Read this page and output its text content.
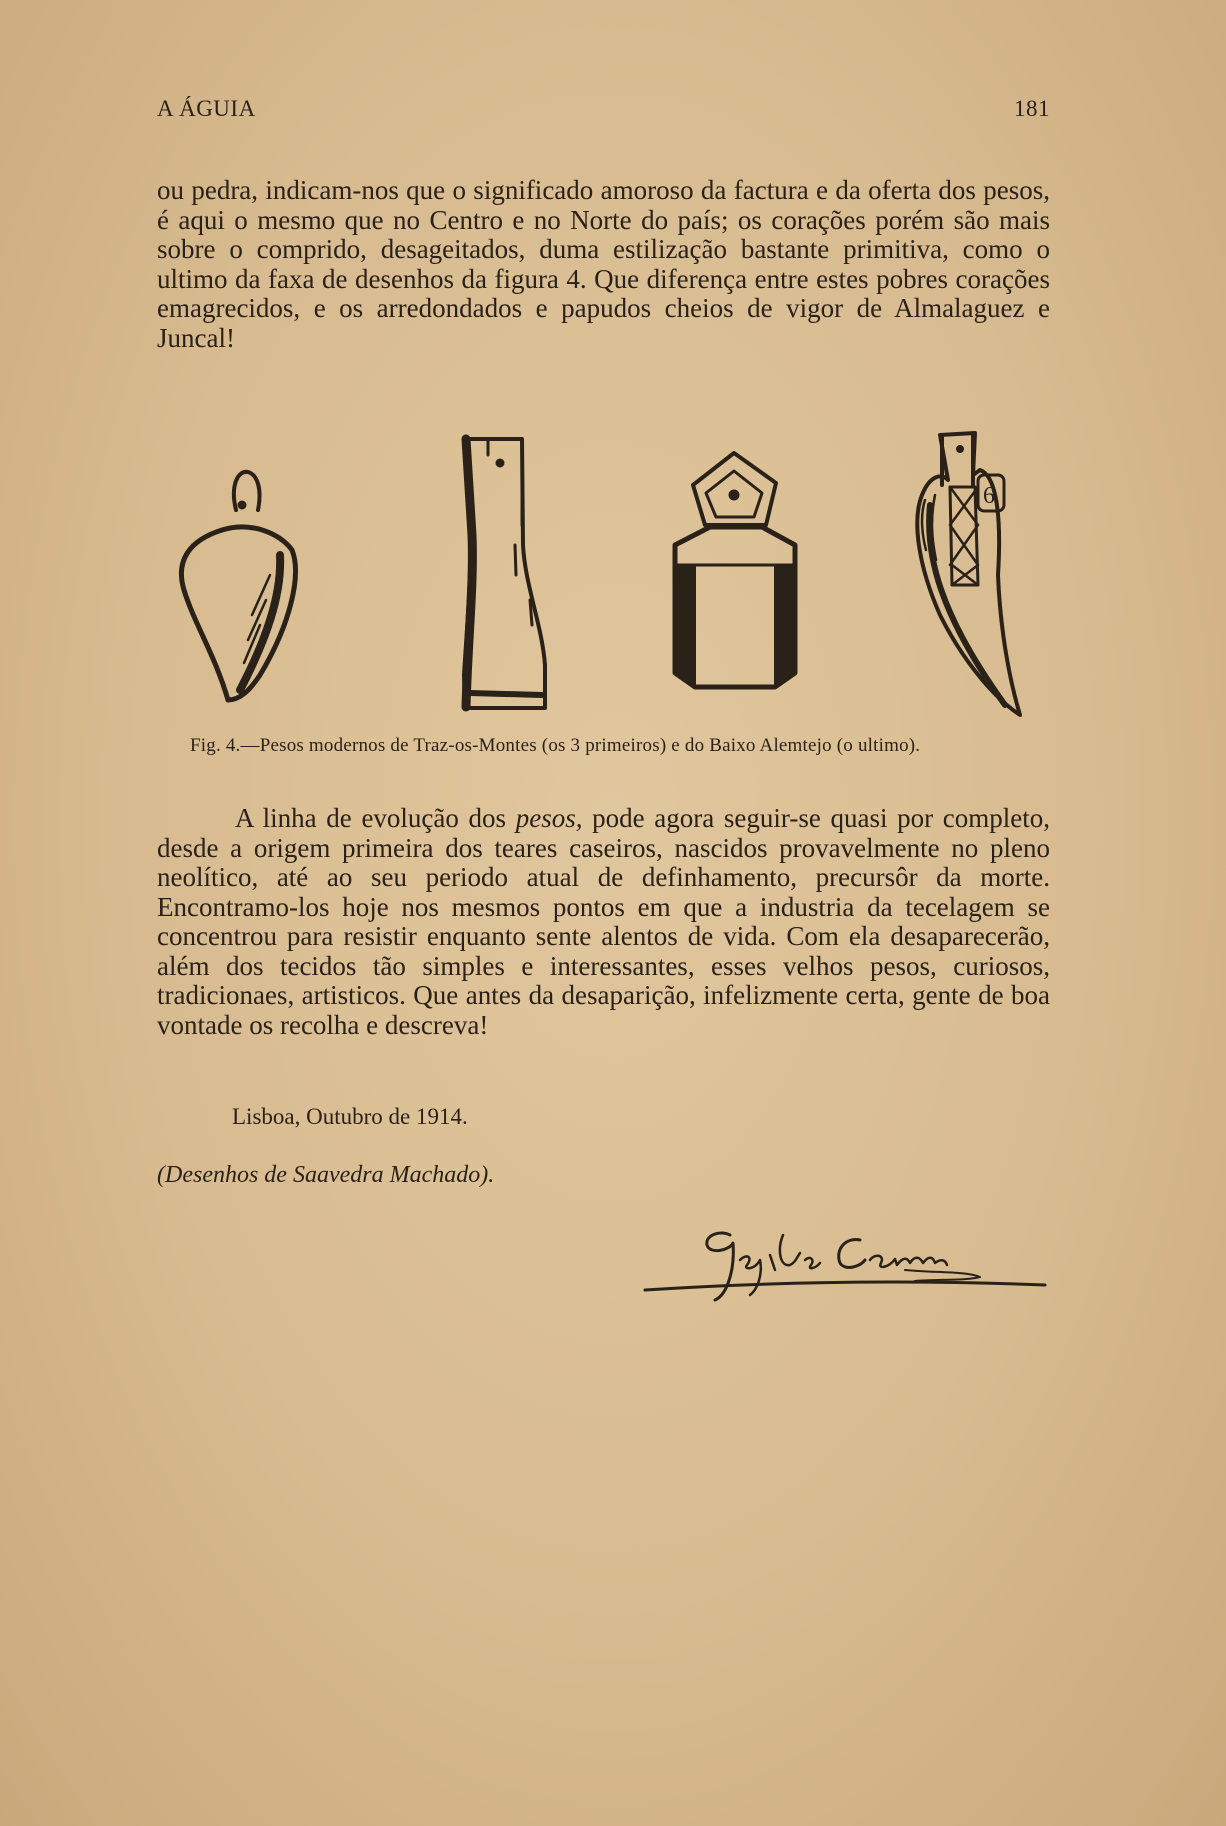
A ÁGUIA	181

ou pedra, indicam-nos que o significado amoroso da factura e da oferta dos pesos, é aqui o mesmo que no Centro e no Norte do país; os corações porém são mais sobre o comprido, desageitados, duma estilização bastante primitiva, como o ultimo da faxa de desenhos da figura 4. Que diferença entre estes pobres corações emagrecidos, e os arredondados e papudos cheios de vigor de Almalaguez e Juncal!

6
Fig. 4.—Pesos modernos de Traz-os-Montes (os 3 primeiros) e do Baixo Alemtejo (o ultimo).

A linha de evolução dos pesos, pode agora seguir-se quasi por completo, desde a origem primeira dos teares caseiros, nascidos provavelmente no pleno neolítico, até ao seu periodo atual de definhamento, precursôr da morte. Encontramo-los hoje nos mesmos pontos em que a industria da tecelagem se concentrou para resistir enquanto sente alentos de vida. Com ela desaparecerão, além dos tecidos tão simples e interessantes, esses velhos pesos, curiosos, tradicionaes, artisticos. Que antes da desaparição, infelizmente certa, gente de boa vontade os recolha e descreva!

Lisboa, Outubro de 1914.
(Desenhos de Saavedra Machado).
